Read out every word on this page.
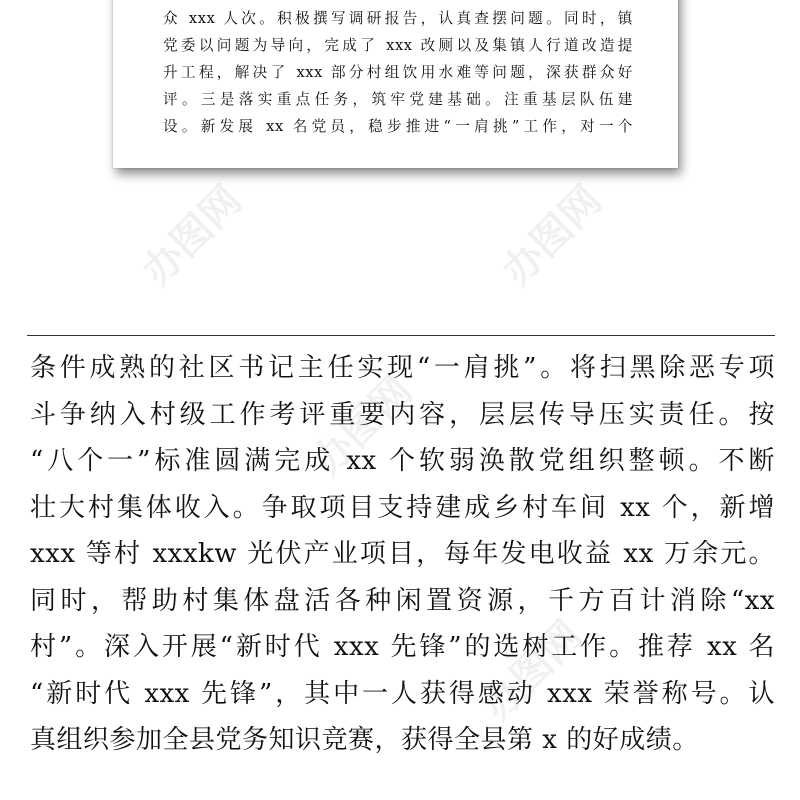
众 xxx 人次。积极撰写调研报告，认真查摆问题。同时，镇
党委以问题为导向，完成了 xxx 改厕以及集镇人行道改造提
升工程，解决了 xxx 部分村组饮用水难等问题，深获群众好
评。三是落实重点任务，筑牢党建基础。注重基层队伍建
设。新发展 xx 名党员，稳步推进“一肩挑”工作，对一个
办图网	办图网
办图网
办图网
条件成熟的社区书记主任实现“一肩挑”。将扫黑除恶专项
斗争纳入村级工作考评重要内容，层层传导压实责任。按
“八个一”标准圆满完成 xx 个软弱涣散党组织整顿。不断
壮大村集体收入。争取项目支持建成乡村车间 xx 个，新增
xxx 等村 xxxkw 光伏产业项目，每年发电收益 xx 万余元。
同时，帮助村集体盘活各种闲置资源，千方百计消除“xx
村”。深入开展“新时代 xxx 先锋”的选树工作。推荐 xx 名
“新时代 xxx 先锋”，其中一人获得感动 xxx 荣誉称号。认
真组织参加全县党务知识竞赛，获得全县第 x 的好成绩。
